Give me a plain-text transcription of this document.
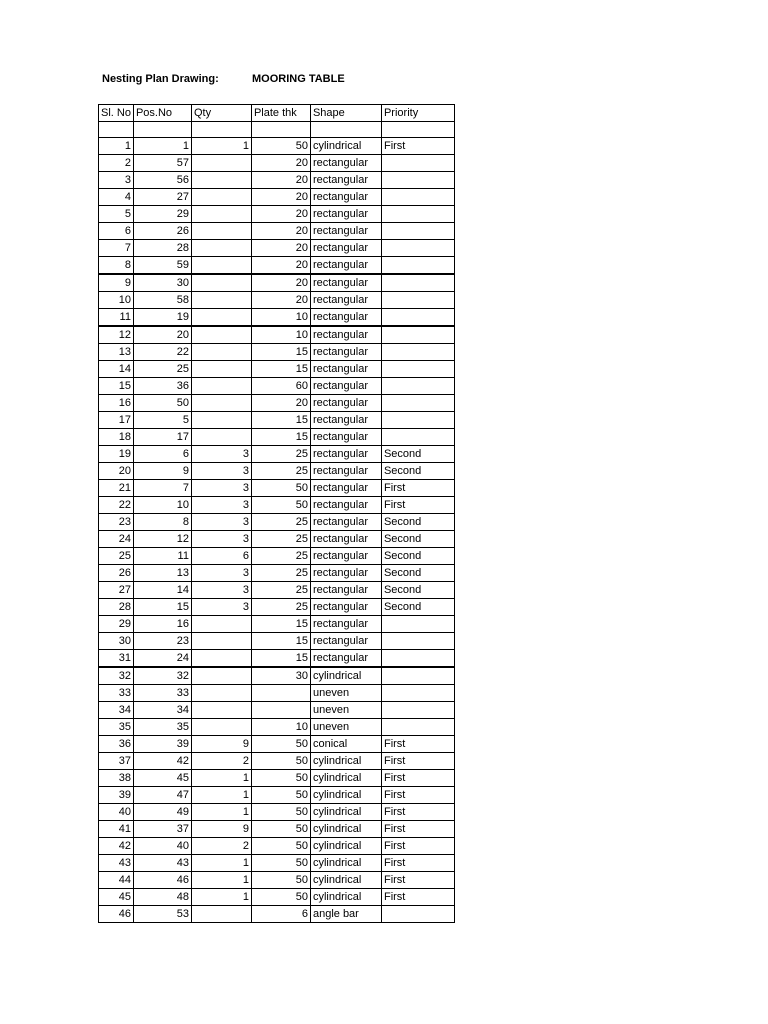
Nesting Plan Drawing:	MOORING TABLE
Sl. No	Pos.No	Qty	Plate thk	Shape	Priority

1	1	1	50	cylindrical	First
2	57		20	rectangular	
3	56		20	rectangular	
4	27		20	rectangular	
5	29		20	rectangular	
6	26		20	rectangular	
7	28		20	rectangular	
8	59		20	rectangular	
9	30		20	rectangular	
10	58		20	rectangular	
11	19		10	rectangular	
12	20		10	rectangular	
13	22		15	rectangular	
14	25		15	rectangular	
15	36		60	rectangular	
16	50		20	rectangular	
17	5		15	rectangular	
18	17		15	rectangular	
19	6	3	25	rectangular	Second
20	9	3	25	rectangular	Second
21	7	3	50	rectangular	First
22	10	3	50	rectangular	First
23	8	3	25	rectangular	Second
24	12	3	25	rectangular	Second
25	11	6	25	rectangular	Second
26	13	3	25	rectangular	Second
27	14	3	25	rectangular	Second
28	15	3	25	rectangular	Second
29	16		15	rectangular	
30	23		15	rectangular	
31	24		15	rectangular	
32	32		30	cylindrical	
33	33			uneven	
34	34			uneven	
35	35		10	uneven	
36	39	9	50	conical	First
37	42	2	50	cylindrical	First
38	45	1	50	cylindrical	First
39	47	1	50	cylindrical	First
40	49	1	50	cylindrical	First
41	37	9	50	cylindrical	First
42	40	2	50	cylindrical	First
43	43	1	50	cylindrical	First
44	46	1	50	cylindrical	First
45	48	1	50	cylindrical	First
46	53		6	angle bar	
